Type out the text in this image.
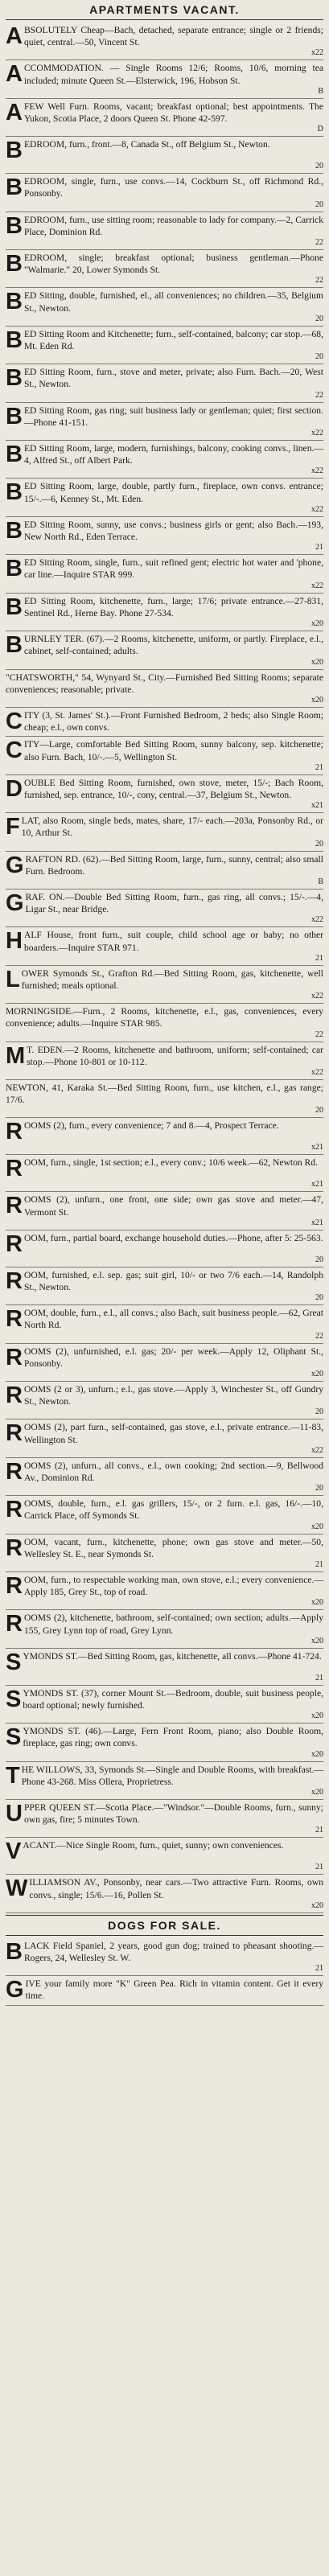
APARTMENTS VACANT.
ABSOLUTELY Cheap—Bach, detached, separate entrance; single or 2 friends; quiet, central.—50, Vincent St.
x22
ACCOMMODATION. — Single Rooms 12/6; Rooms, 10/6, morning tea included; minute Queen St.—Elsterwick, 196, Hobson St.
B
AFEW Well Furn. Rooms, vacant; breakfast optional; best appointments. The Yukon, Scotia Place, 2 doors Queen St. Phone 42-597.
D
BEDROOM, furn., front.—8, Canada St., off Belgium St., Newton.
20
BEDROOM, single, furn., use convs.—14, Cockburn St., off Richmond Rd., Ponsonby.
20
BEDROOM, furn., use sitting room; reasonable to lady for company.—2, Carrick Place, Dominion Rd.
22
BEDROOM, single; breakfast optional; business gentleman.—Phone "Walmarie." 20, Lower Symonds St.
22
BED Sitting, double, furnished, el., all conveniences; no children.—35, Belgium St., Newton.
20
BED Sitting Room and Kitchenette; furn., self-contained, balcony; car stop.—68, Mt. Eden Rd.
20
BED Sitting Room, furn., stove and meter, private; also Furn. Bach.—20, West St., Newton.
22
BED Sitting Room, gas ring; suit business lady or gentleman; quiet; first section.—Phone 41-151.
x22
BED Sitting Room, large, modern, furnishings, balcony, cooking convs., linen.—4, Alfred St., off Albert Park.
x22
BED Sitting Room, large, double, partly furn., fireplace, own convs. entrance; 15/-.—6, Kenney St., Mt. Eden.
x22
BED Sitting Room, sunny, use convs.; business girls or gent; also Bach.—193, New North Rd., Eden Terrace.
21
BED Sitting Room, single, furn., suit refined gent; electric hot water and 'phone, car line.—Inquire STAR 999.
x22
BED Sitting Room, kitchenette, furn., large; 17/6; private entrance.—27-831, Sentinel Rd., Herne Bay. Phone 27-534.
x20
BURNLEY TER. (67).—2 Rooms, kitchenette, uniform, or partly. Fireplace, e.l., cabinet, self-contained; adults.
x20
"CHATSWORTH," 54, Wynyard St., City.—Furnished Bed Sitting Rooms; separate conveniences; reasonable; private.
x20
CITY (3, St. James' St.).—Front Furnished Bedroom, 2 beds; also Single Room; cheap; e.l., own convs.
CITY—Large, comfortable Bed Sitting Room, sunny balcony, sep. kitchenette; also Furn. Bach, 10/-.—5, Wellington St.
21
DOUBLE Bed Sitting Room, furnished, own stove, meter, 15/-; Bach Room, furnished, sep. entrance, 10/-, cony, central.—37, Belgium St., Newton.
x21
FLAT, also Room, single beds, mates, share, 17/- each.—203a, Ponsonby Rd., or 10, Arthur St.
20
GRAFTON RD. (62).—Bed Sitting Room, large, furn., sunny, central; also small Furn. Bedroom.
B
GRAF. ON.—Double Bed Sitting Room, furn., gas ring, all convs.; 15/-.—4, Ligar St., near Bridge.
x22
HALF House, front furn., suit couple, child school age or baby; no other boarders.—Inquire STAR 971.
21
LOWER Symonds St., Grafton Rd.—Bed Sitting Room, gas, kitchenette, well furnished; meals optional.
x22
MORNINGSIDE.—Furn., 2 Rooms, kitchenette, e.l., gas, conveniences, every convenience; adults.—Inquire STAR 985.
22
M T. EDEN.—2 Rooms, kitchenette and bathroom, uniform; self-contained; car stop.—Phone 10-801 or 10-112.
x22
NEWTON, 41, Karaka St.—Bed Sitting Room, furn., use kitchen, e.l., gas range; 17/6.
20
ROOMS (2), furn., every convenience; 7 and 8.—4, Prospect Terrace.
x21
ROOM, furn., single, 1st section; e.l., every conv.; 10/6 week.—62, Newton Rd.
x21
ROOMS (2), unfurn., one front, one side; own gas stove and meter.—47, Vermont St.
x21
ROOM, furn., partial board, exchange household duties.—Phone, after 5: 25-563.
20
ROOM, furnished, e.l. sep. gas; suit girl, 10/- or two 7/6 each.—14, Randolph St., Newton.
20
ROOM, double, furn., e.l., all convs.; also Bach, suit business people.—62, Great North Rd.
22
ROOMS (2), unfurnished, e.l. gas; 20/- per week.—Apply 12, Oliphant St., Ponsonby.
x20
ROOMS (2 or 3), unfurn.; e.l., gas stove.—Apply 3, Winchester St., off Gundry St., Newton.
20
ROOMS (2), part furn., self-contained, gas stove, e.l., private entrance.—11-83, Wellington St.
x22
ROOMS (2), unfurn., all convs., e.l., own cooking; 2nd section.—9, Bellwood Av., Dominion Rd.
20
ROOMS, double, furn., e.l. gas grillers, 15/-, or 2 furn. e.l. gas, 16/-.—10, Carrick Place, off Symonds St.
x20
ROOM, vacant, furn., kitchenette, phone; own gas stove and meter.—50, Wellesley St. E., near Symonds St.
21
ROOM, furn., to respectable working man, own stove, e.l.; every convenience.—Apply 185, Grey St., top of road.
x20
ROOMS (2), kitchenette, bathroom, self-contained; own section; adults.—Apply 155, Grey Lynn top of road, Grey Lynn.
x20
SYMONDS ST.—Bed Sitting Room, gas, kitchenette, all convs.—Phone 41-724.
21
SYMONDS ST. (37), corner Mount St.—Bedroom, double, suit business people, board optional; newly furnished.
x20
SYMONDS ST. (46).—Large, Fern Front Room, piano; also Double Room, fireplace, gas ring; own convs.
x20
THE WILLOWS, 33, Symonds St.—Single and Double Rooms, with breakfast.—Phone 43-268. Miss Ollera, Proprietress.
x20
UPPER QUEEN ST.—Scotia Place.—"Windsor."—Double Rooms, furn., sunny; own gas, fire; 5 minutes Town.
21
VACANT.—Nice Single Room, furn., quiet, sunny; own conveniences.
21
WILLIAMSON AV., Ponsonby, near cars.—Two attractive Furn. Rooms, own convs., single; 15/6.—16, Pollen St.
x20
DOGS FOR SALE.
BLACK Field Spaniel, 2 years, good gun dog; trained to pheasant shooting.—Rogers, 24, Wellesley St. W.
21
GIVE your family more "K" Green Pea. Rich in vitamin content. Get it every time.
